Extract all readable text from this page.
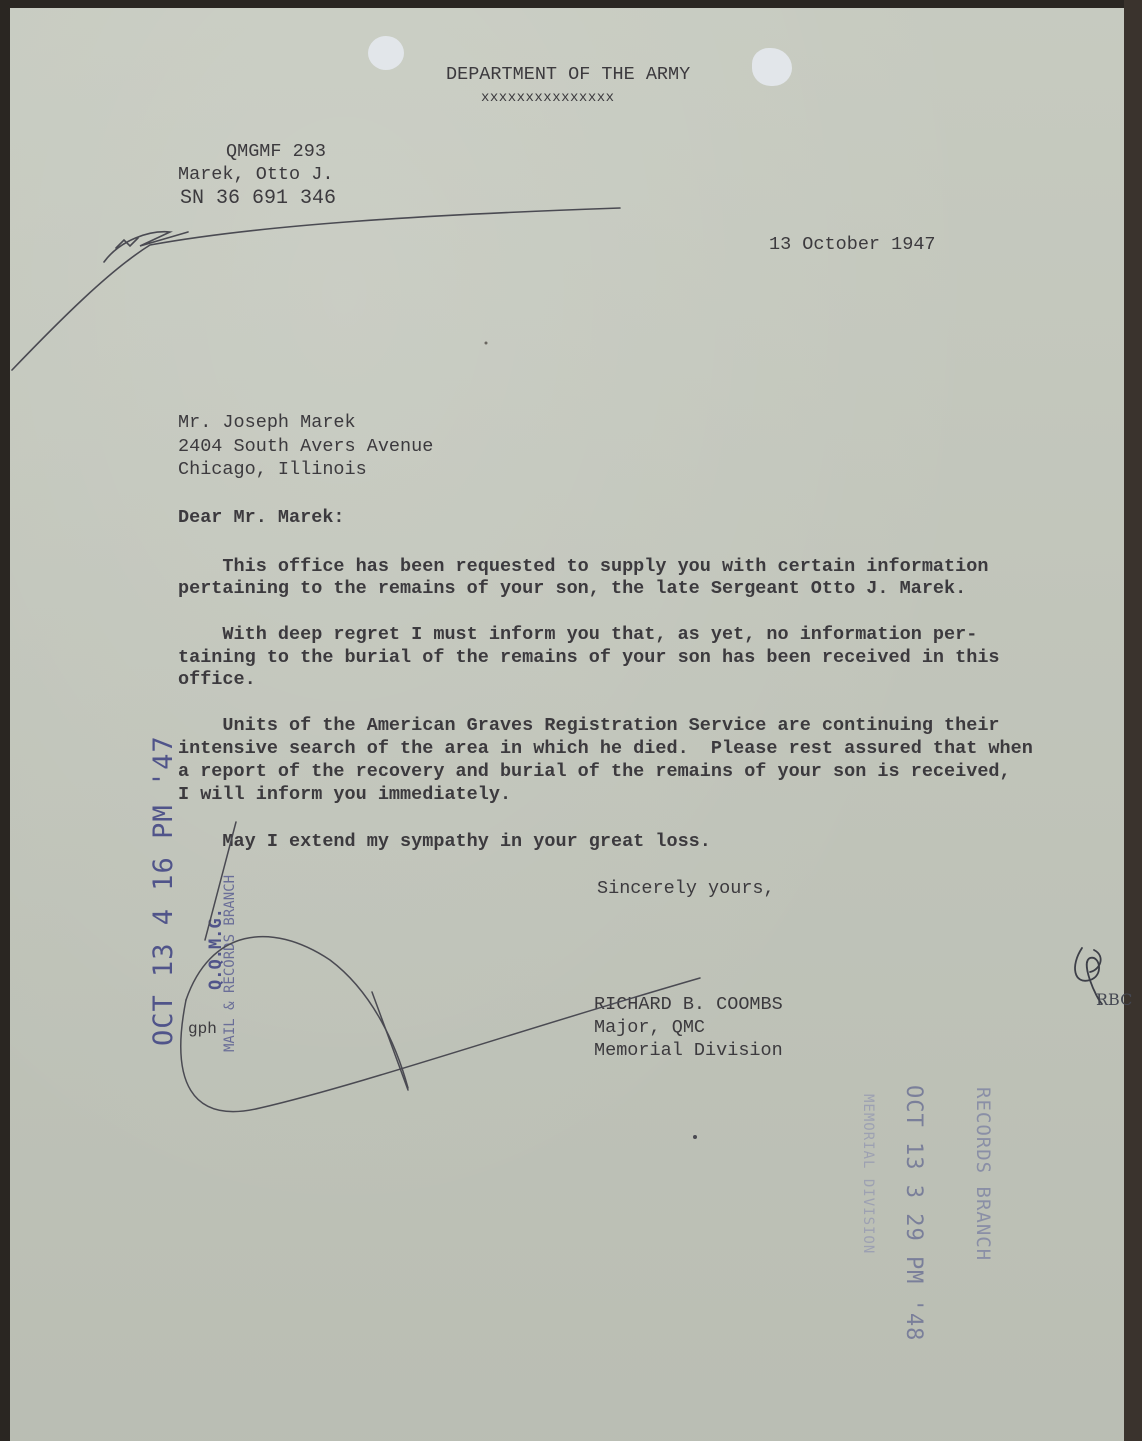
DEPARTMENT OF THE ARMY
xxxxxxxxxxxxxxx
QMGMF 293
Marek, Otto J.
SN 36 691 346
13 October 1947
Mr. Joseph Marek
2404 South Avers Avenue
Chicago, Illinois
Dear Mr. Marek:
This office has been requested to supply you with certain information
pertaining to the remains of your son, the late Sergeant Otto J. Marek.
With deep regret I must inform you that, as yet, no information per-
taining to the burial of the remains of your son has been received in this
office.
Units of the American Graves Registration Service are continuing their
intensive search of the area in which he died.  Please rest assured that when
a report of the recovery and burial of the remains of your son is received,
I will inform you immediately.
May I extend my sympathy in your great loss.
Sincerely yours,
RICHARD B. COOMBS
Major, QMC
Memorial Division
gph
OCT 13 4 16 PM '47 Q.Q.M.G.
MAIL & RECORDS BRANCH
RECORDS BRANCH
OCT 13 3 29 PM '48
MEMORIAL DIVISION
RBC
